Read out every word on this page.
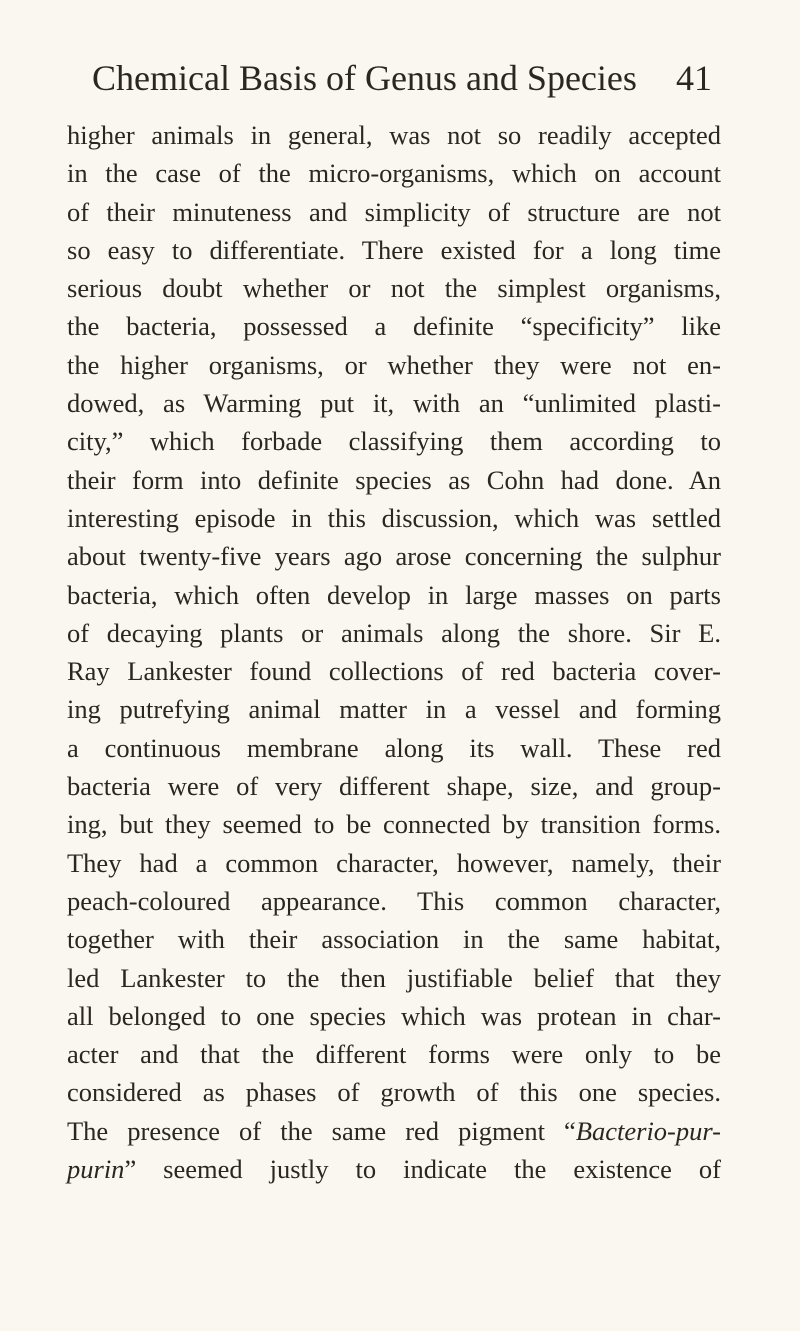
Chemical Basis of Genus and Species 41
higher animals in general, was not so readily accepted
in the case of the micro-organisms, which on account
of their minuteness and simplicity of structure are not
so easy to differentiate. There existed for a long time
serious doubt whether or not the simplest organisms,
the bacteria, possessed a definite “specificity” like
the higher organisms, or whether they were not en-
dowed, as Warming put it, with an “unlimited plasti-
city,” which forbade classifying them according to
their form into definite species as Cohn had done. An
interesting episode in this discussion, which was settled
about twenty-five years ago arose concerning the sulphur
bacteria, which often develop in large masses on parts
of decaying plants or animals along the shore. Sir E.
Ray Lankester found collections of red bacteria cover-
ing putrefying animal matter in a vessel and forming
a continuous membrane along its wall. These red
bacteria were of very different shape, size, and group-
ing, but they seemed to be connected by transition forms.
They had a common character, however, namely, their
peach-coloured appearance. This common character,
together with their association in the same habitat,
led Lankester to the then justifiable belief that they
all belonged to one species which was protean in char-
acter and that the different forms were only to be
considered as phases of growth of this one species.
The presence of the same red pigment “Bacterio-pur-
purin” seemed justly to indicate the existence of
